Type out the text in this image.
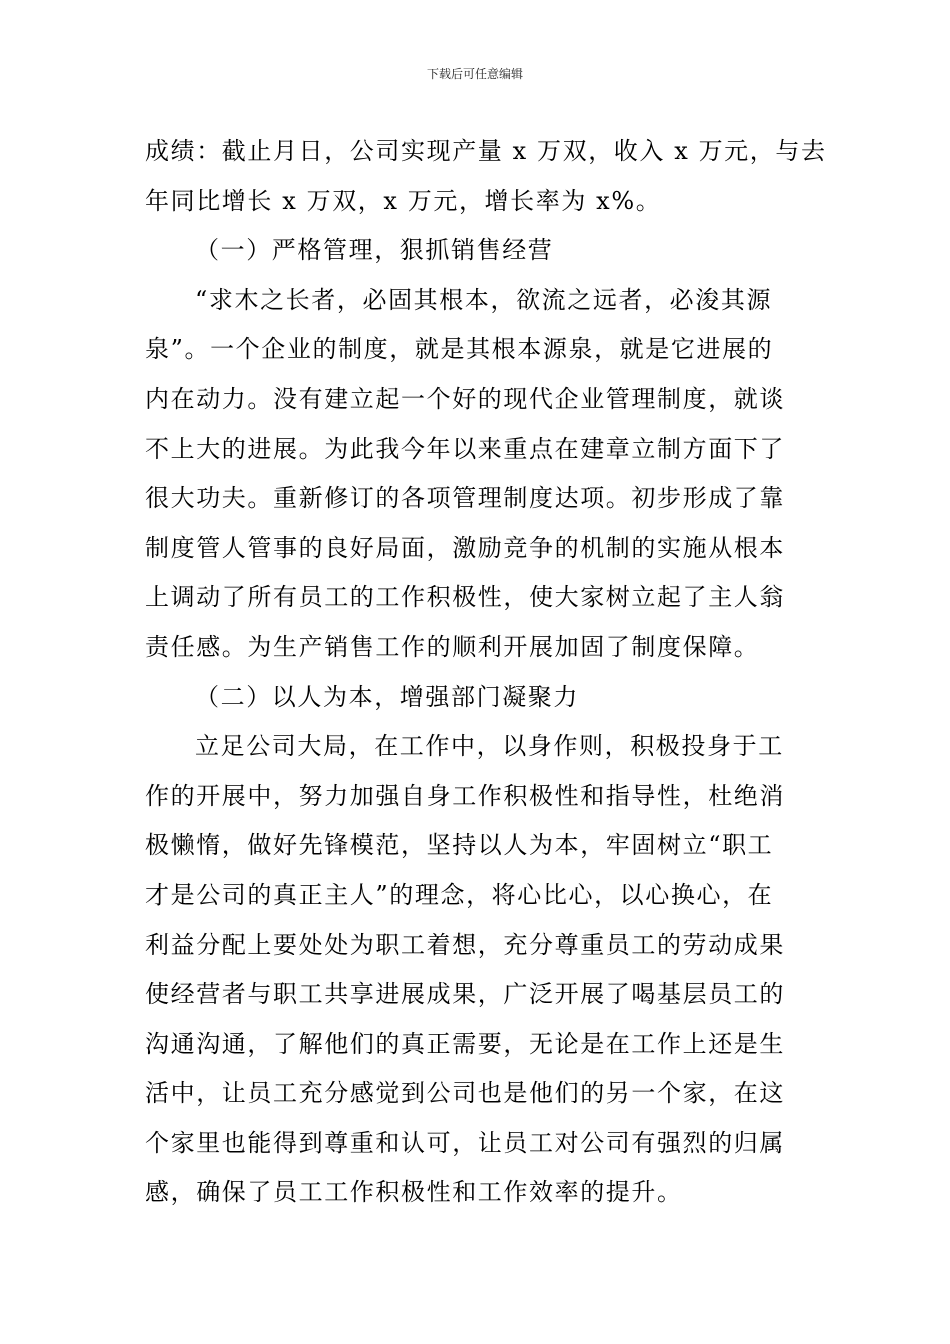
下载后可任意编辑
成绩：截止月日，公司实现产量 x 万双，收入 x 万元，与去
年同比增长 x 万双，x 万元，增长率为 x%。
（一）严格管理，狠抓销售经营
“求木之长者，必固其根本，欲流之远者，必浚其源
泉”。一个企业的制度，就是其根本源泉，就是它进展的
内在动力。没有建立起一个好的现代企业管理制度，就谈
不上大的进展。为此我今年以来重点在建章立制方面下了
很大功夫。重新修订的各项管理制度达项。初步形成了靠
制度管人管事的良好局面，激励竞争的机制的实施从根本
上调动了所有员工的工作积极性，使大家树立起了主人翁
责任感。为生产销售工作的顺利开展加固了制度保障。
（二）以人为本，增强部门凝聚力
立足公司大局，在工作中，以身作则，积极投身于工
作的开展中，努力加强自身工作积极性和指导性，杜绝消
极懒惰，做好先锋模范，坚持以人为本，牢固树立“职工
才是公司的真正主人”的理念，将心比心，以心换心，在
利益分配上要处处为职工着想，充分尊重员工的劳动成果
使经营者与职工共享进展成果，广泛开展了喝基层员工的
沟通沟通，了解他们的真正需要，无论是在工作上还是生
活中，让员工充分感觉到公司也是他们的另一个家，在这
个家里也能得到尊重和认可，让员工对公司有强烈的归属
感，确保了员工工作积极性和工作效率的提升。
